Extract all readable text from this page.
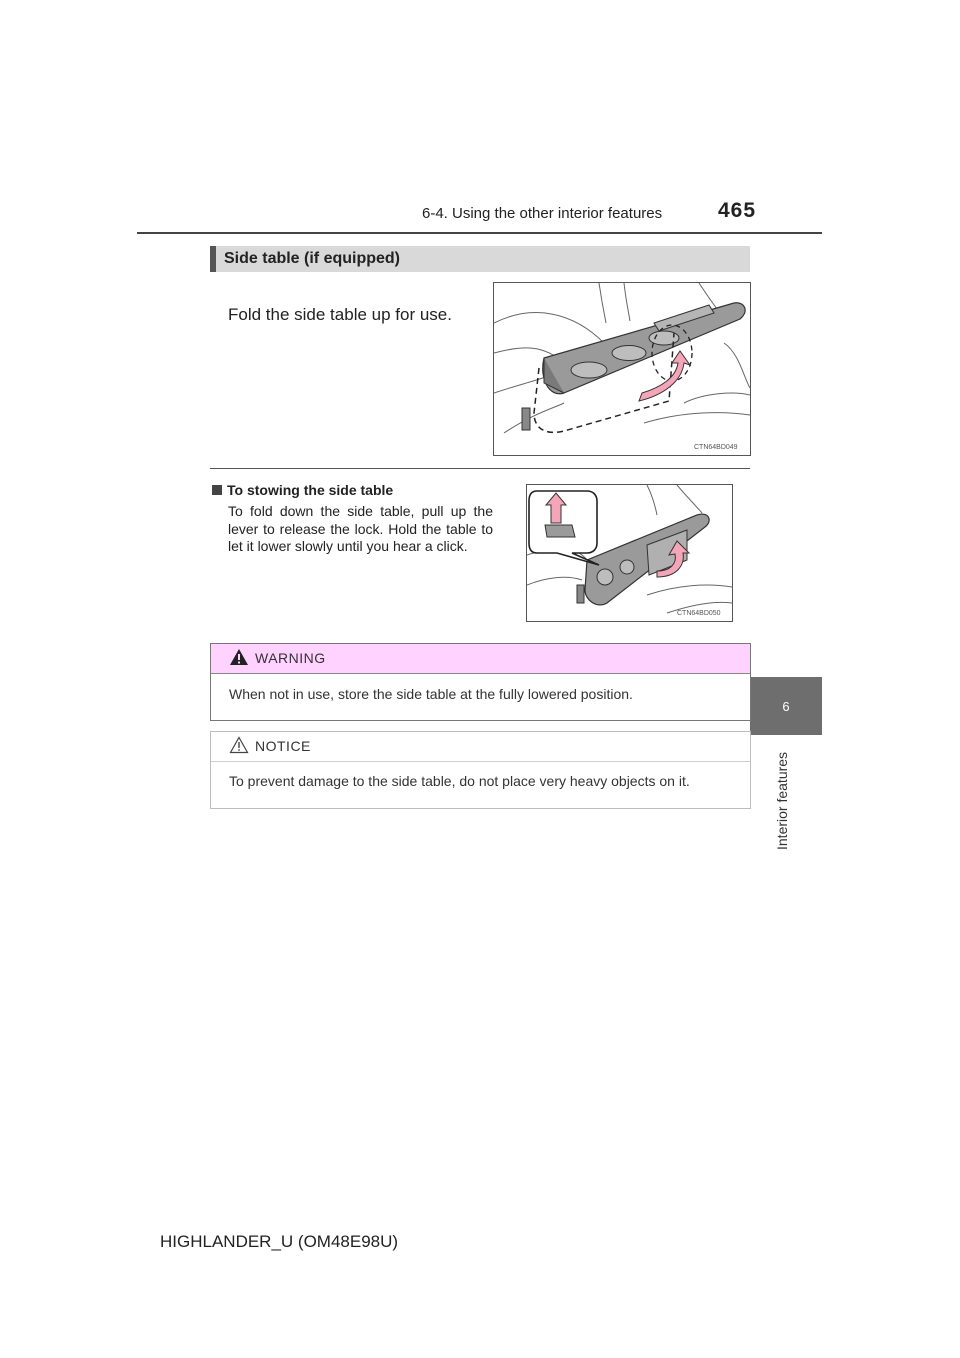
6-4. Using the other interior features	465
6
Interior features
Side table (if equipped)
Fold the side table up for use.
CTN64BD049
To stowing the side table
To fold down the side table, pull up the lever to release the lock. Hold the table to let it lower slowly until you hear a click.
CTN64BD050
WARNING
When not in use, store the side table at the fully lowered position.
NOTICE
To prevent damage to the side table, do not place very heavy objects on it.
HIGHLANDER_U (OM48E98U)
